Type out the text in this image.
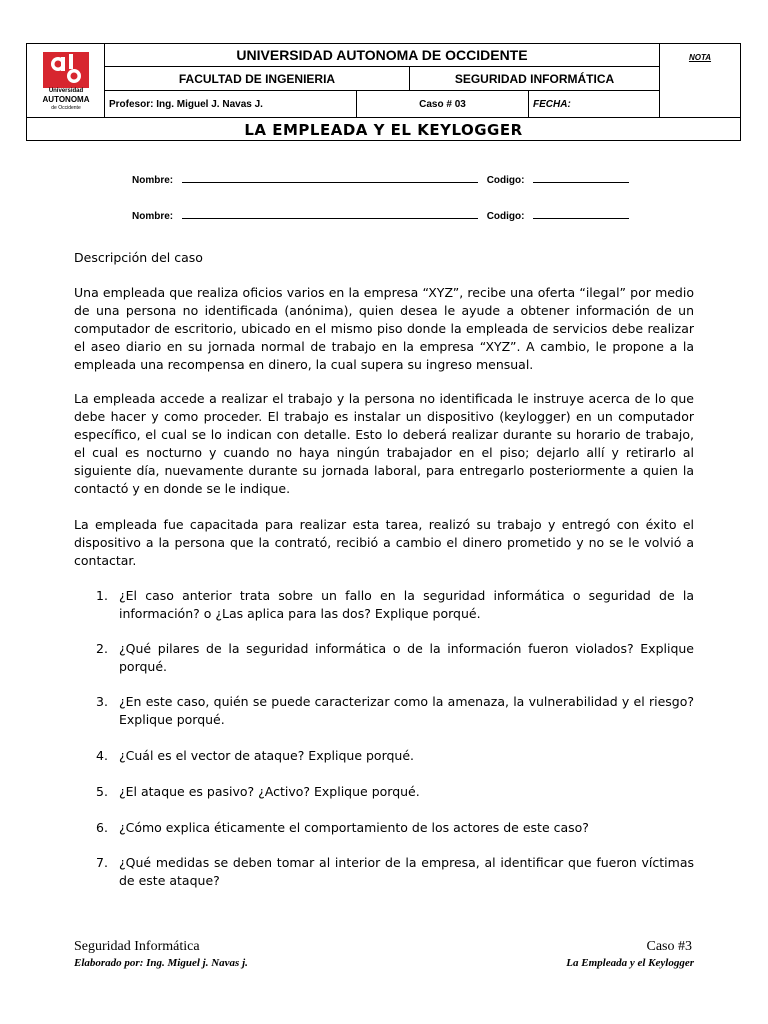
Universidad
AUTONOMA
de Occidente
UNIVERSIDAD AUTONOMA DE OCCIDENTE
FACULTAD DE INGENIERIA	SEGURIDAD INFORMÁTICA
Profesor: Ing. Miguel J. Navas J.	Caso # 03	FECHA:
NOTA
LA EMPLEADA Y EL KEYLOGGER
Nombre:	Codigo:
Nombre:	Codigo:
Descripción del caso

Una empleada que realiza oficios varios en la empresa “XYZ”, recibe una oferta “ilegal” por medio de una persona no identificada (anónima), quien desea le ayude a obtener información de un computador de escritorio, ubicado en el mismo piso donde la empleada de servicios debe realizar el aseo diario en su jornada normal de trabajo en la empresa “XYZ”. A cambio, le propone a la empleada una recompensa en dinero, la cual supera su ingreso mensual.

La empleada accede a realizar el trabajo y la persona no identificada le instruye acerca de lo que debe hacer y como proceder. El trabajo es instalar un dispositivo (keylogger) en un computador específico, el cual se lo indican con detalle. Esto lo deberá realizar durante su horario de trabajo, el cual es nocturno y cuando no haya ningún trabajador en el piso; dejarlo allí y retirarlo al siguiente día, nuevamente durante su jornada laboral, para entregarlo posteriormente a quien la contactó y en donde se le indique.

La empleada fue capacitada para realizar esta tarea, realizó su trabajo y entregó con éxito el dispositivo a la persona que la contrató, recibió a cambio el dinero prometido y no se le volvió a contactar.

1. ¿El caso anterior trata sobre un fallo en la seguridad informática o seguridad de la información? o ¿Las aplica para las dos? Explique porqué.
2. ¿Qué pilares de la seguridad informática o de la información fueron violados? Explique porqué.
3. ¿En este caso, quién se puede caracterizar como la amenaza, la vulnerabilidad y el riesgo? Explique porqué.
4. ¿Cuál es el vector de ataque? Explique porqué.
5. ¿El ataque es pasivo? ¿Activo? Explique porqué.
6. ¿Cómo explica éticamente el comportamiento de los actores de este caso?
7. ¿Qué medidas se deben tomar al interior de la empresa, al identificar que fueron víctimas de este ataque?
Seguridad Informática
Elaborado por: Ing. Miguel j. Navas j.
Caso #3
La Empleada y el Keylogger
